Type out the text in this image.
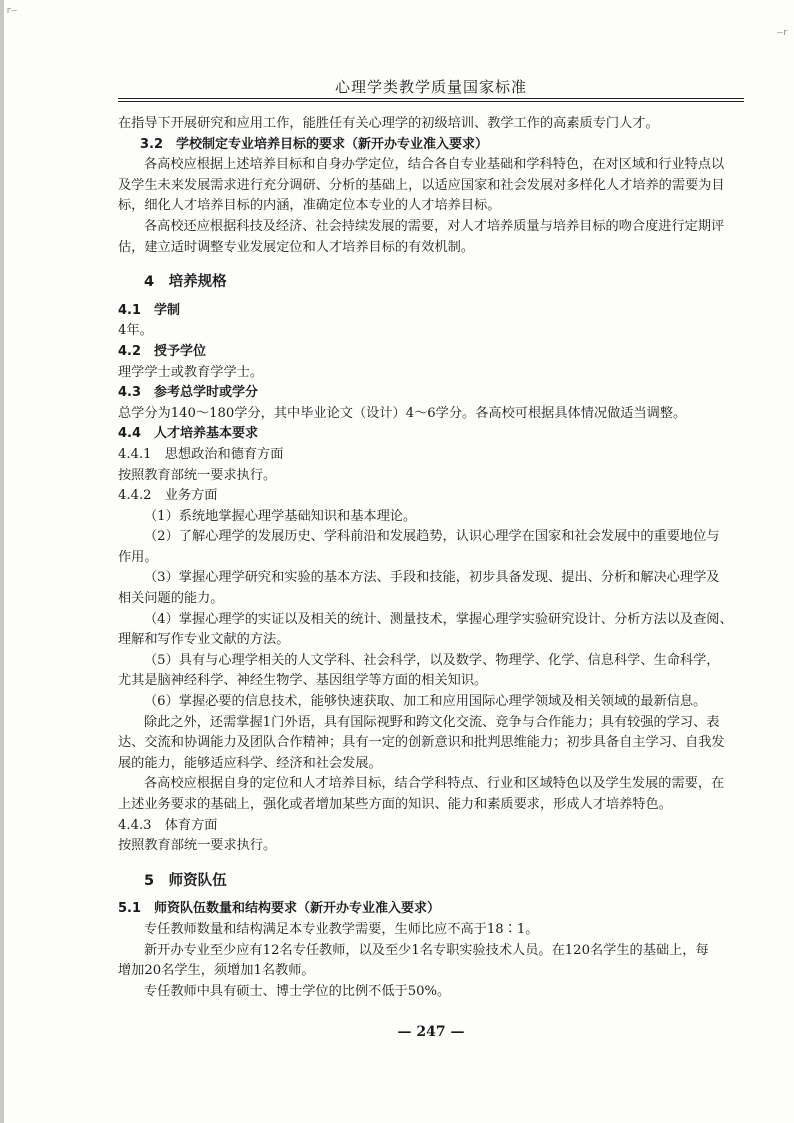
r—
—r
心理学类教学质量国家标准
在指导下开展研究和应用工作，能胜任有关心理学的初级培训、教学工作的高素质专门人才。
3.2　学校制定专业培养目标的要求（新开办专业准入要求）
各高校应根据上述培养目标和自身办学定位，结合各自专业基础和学科特色，在对区域和行业特点以
及学生未来发展需求进行充分调研、分析的基础上，以适应国家和社会发展对多样化人才培养的需要为目
标，细化人才培养目标的内涵，准确定位本专业的人才培养目标。
各高校还应根据科技及经济、社会持续发展的需要，对人才培养质量与培养目标的吻合度进行定期评
估，建立适时调整专业发展定位和人才培养目标的有效机制。
4　培养规格
4.1　学制
4年。
4.2　授予学位
理学学士或教育学学士。
4.3　参考总学时或学分
总学分为140～180学分，其中毕业论文（设计）4～6学分。各高校可根据具体情况做适当调整。
4.4　人才培养基本要求
4.4.1　思想政治和德育方面
按照教育部统一要求执行。
4.4.2　业务方面
（1）系统地掌握心理学基础知识和基本理论。
（2）了解心理学的发展历史、学科前沿和发展趋势，认识心理学在国家和社会发展中的重要地位与
作用。
（3）掌握心理学研究和实验的基本方法、手段和技能，初步具备发现、提出、分析和解决心理学及
相关问题的能力。
（4）掌握心理学的实证以及相关的统计、测量技术，掌握心理学实验研究设计、分析方法以及查阅、
理解和写作专业文献的方法。
（5）具有与心理学相关的人文学科、社会科学，以及数学、物理学、化学、信息科学、生命科学，
尤其是脑神经科学、神经生物学、基因组学等方面的相关知识。
（6）掌握必要的信息技术，能够快速获取、加工和应用国际心理学领域及相关领域的最新信息。
除此之外，还需掌握1门外语，具有国际视野和跨文化交流、竞争与合作能力；具有较强的学习、表
达、交流和协调能力及团队合作精神；具有一定的创新意识和批判思维能力；初步具备自主学习、自我发
展的能力，能够适应科学、经济和社会发展。
各高校应根据自身的定位和人才培养目标，结合学科特点、行业和区域特色以及学生发展的需要，在
上述业务要求的基础上，强化或者增加某些方面的知识、能力和素质要求，形成人才培养特色。
4.4.3　体育方面
按照教育部统一要求执行。
5　师资队伍
5.1　师资队伍数量和结构要求（新开办专业准入要求）
专任教师数量和结构满足本专业教学需要，生师比应不高于18∶1。
新开办专业至少应有12名专任教师，以及至少1名专职实验技术人员。在120名学生的基础上，每
增加20名学生，须增加1名教师。
专任教师中具有硕士、博士学位的比例不低于50%。
— 247 —
